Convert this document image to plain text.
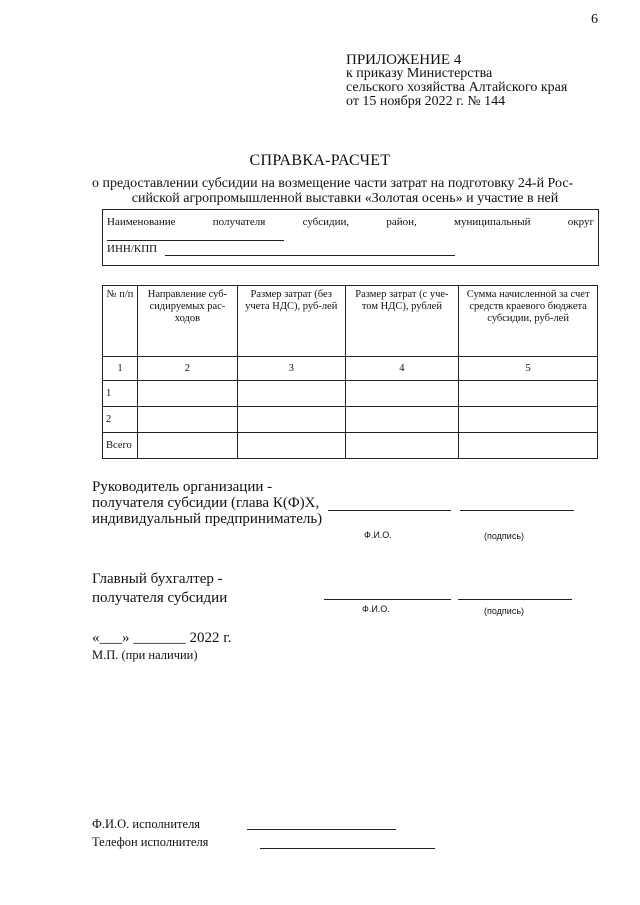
6
ПРИЛОЖЕНИЕ 4
к приказу Министерства
сельского хозяйства Алтайского края
от 15 ноября 2022 г. № 144
СПРАВКА-РАСЧЕТ
о предоставлении субсидии на возмещение части затрат на подготовку 24-й Рос-
сийской агропромышленной выставки «Золотая осень» и участие в ней
Наименование	получателя	субсидии,	район,	муниципальный	округ
ИНН/КПП
№ п/п	Направление суб-сидируемых рас-ходов	Размер затрат (без учета НДС), руб-лей	Размер затрат (с уче-том НДС), рублей	Сумма начисленной за счет средств краевого бюджета субсидии, руб-лей
1	2	3	4	5
1				
2				
Всего				
Руководитель организации -
получателя субсидии (глава К(Ф)Х,
индивидуальный предприниматель)
Ф.И.О.	(подпись)
Главный бухгалтер -
получателя субсидии
Ф.И.О.	(подпись)
«___» _______ 2022 г.
М.П. (при наличии)
Ф.И.О. исполнителя
Телефон исполнителя
